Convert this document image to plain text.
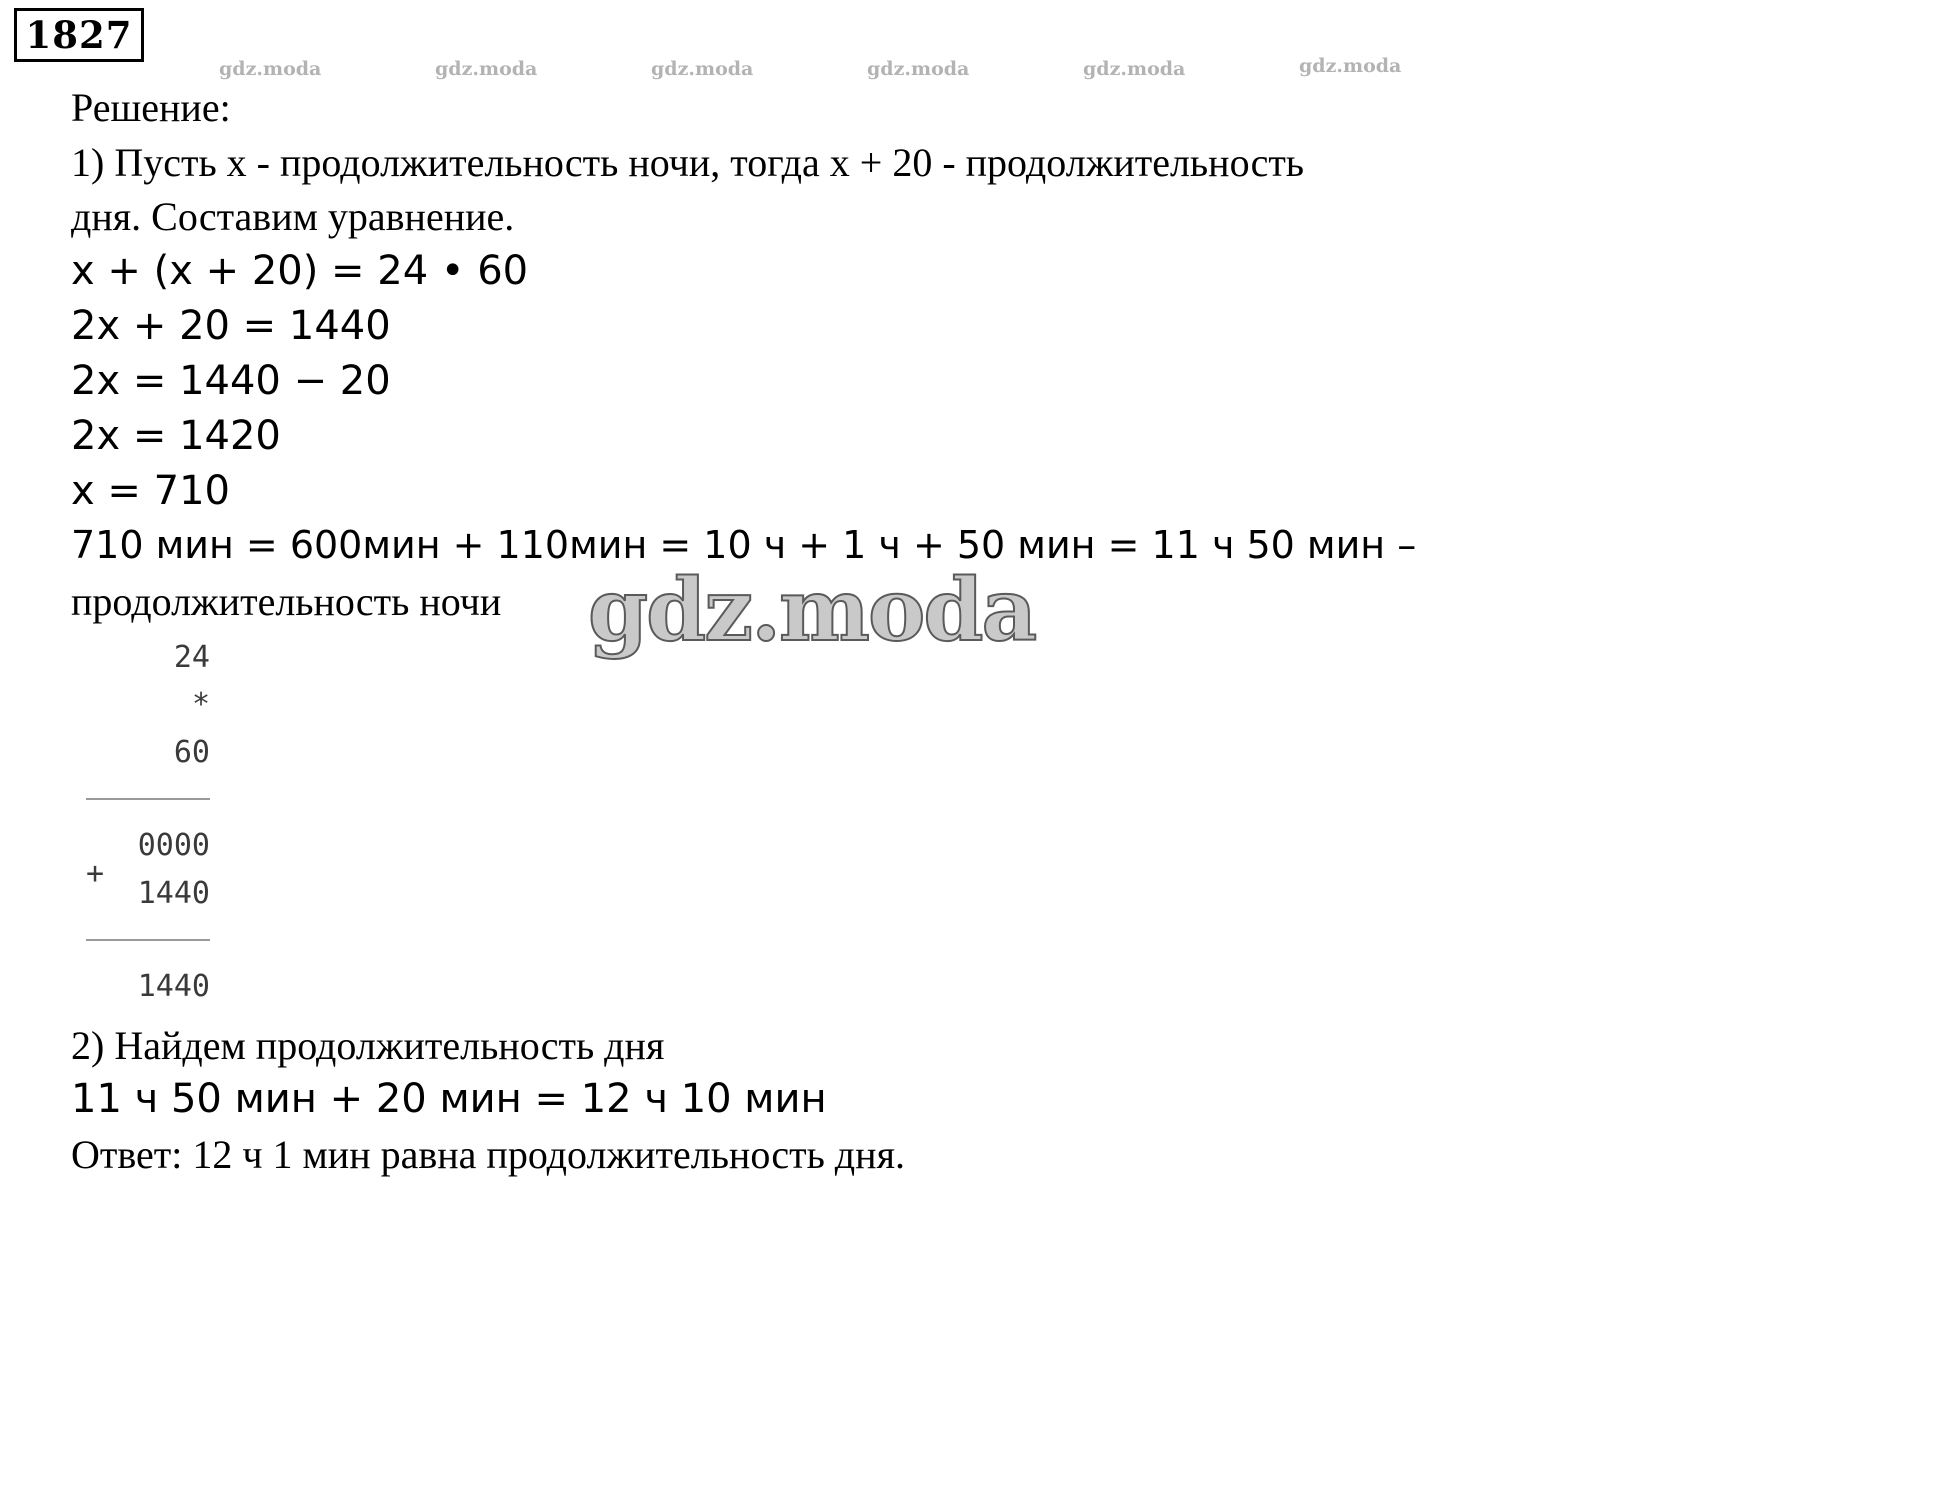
1827
gdz.moda	gdz.moda	gdz.moda	gdz.moda	gdz.moda	gdz.moda
Решение:
1) Пусть x - продолжительность ночи, тогда x + 20 - продолжительность
дня. Составим уравнение.
x + (x + 20) = 24 • 60
2x + 20 = 1440
2x = 1440 − 20
2x = 1420
x = 710
710 мин = 600мин + 110мин = 10 ч + 1 ч + 50 мин = 11 ч 50 мин –
продолжительность ночи
24
*
60
0000
+
1440
1440
2) Найдем продолжительность дня
11 ч 50 мин + 20 мин = 12 ч 10 мин
Ответ: 12 ч 1 мин равна продолжительность дня.
gdz.moda
